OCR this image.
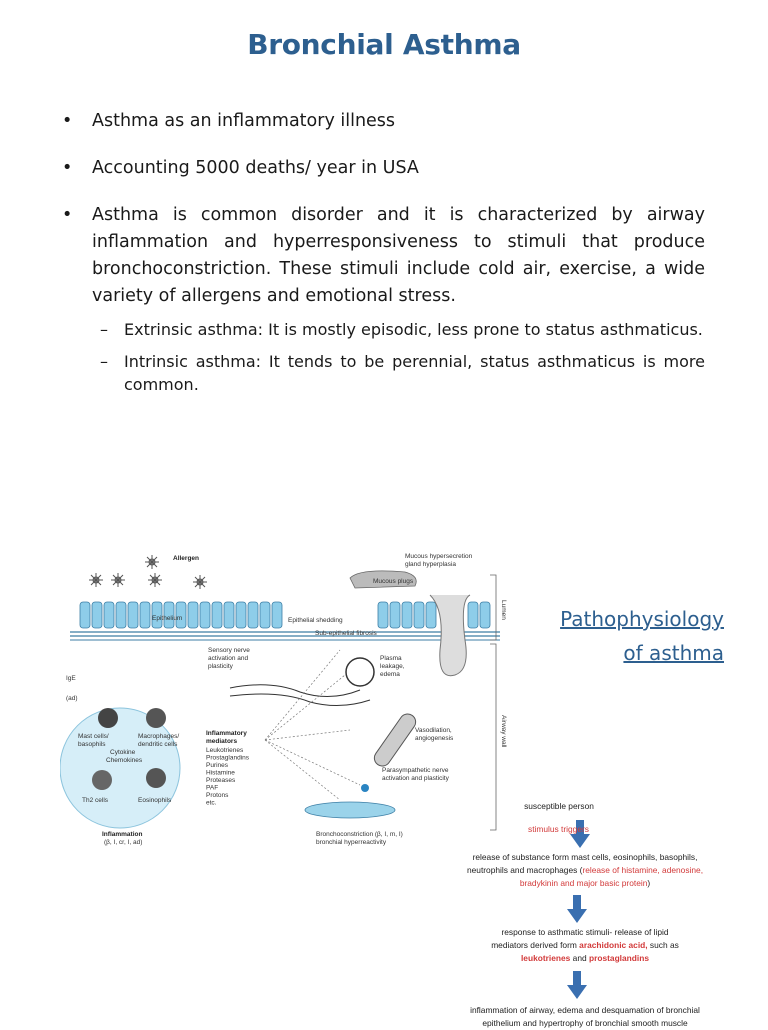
Bronchial Asthma
• Asthma as an inflammatory illness
• Accounting 5000 deaths/ year in USA
• Asthma is common disorder and it is characterized by airway inflammation and hyperresponsiveness to stimuli that produce bronchoconstriction. These stimuli include cold air, exercise, a wide variety of allergens and emotional stress.
– Extrinsic asthma: It is mostly episodic, less prone to status asthmaticus.
– Intrinsic asthma: It tends to be perennial, status asthmaticus is more common.
Allergen	Mucous hypersecretion
gland hyperplasia
Mucous plugs
Epithelium	Epithelial shedding
Sub-epithelial fibrosis
Lumen
Airway wall
Sensory nerve
activation and
plasticity
Plasma
leakage,
edema
IgE
(ad)
Mast cells/
basophils
Macrophages/
dendritic cells
Cytokine
Chemokines
Th2 cells	Eosinophils
Inflammation
(β, I, cr, I, ad)
Inflammatory
mediators
Leukotrienes
Prostaglandins
Purines
Histamine
Proteases
PAF
Protons
etc.
Vasodilation,
angiogenesis
Parasympathetic nerve
activation and plasticity
Bronchoconstriction (β, I, m, I)
bronchial hyperreactivity
Pathophysiology
of asthma
susceptible person
stimulus triggers
release of substance form mast cells, eosinophils, basophils,
neutrophils and macrophages (release of histamine, adenosine,
bradykinin and major basic protein)
response to asthmatic stimuli- release of lipid
mediators derived form arachidonic acid, such as
leukotrienes and prostaglandins
inflammation of airway, edema and desquamation of bronchial
epithelium and hypertrophy of bronchial smooth muscle
